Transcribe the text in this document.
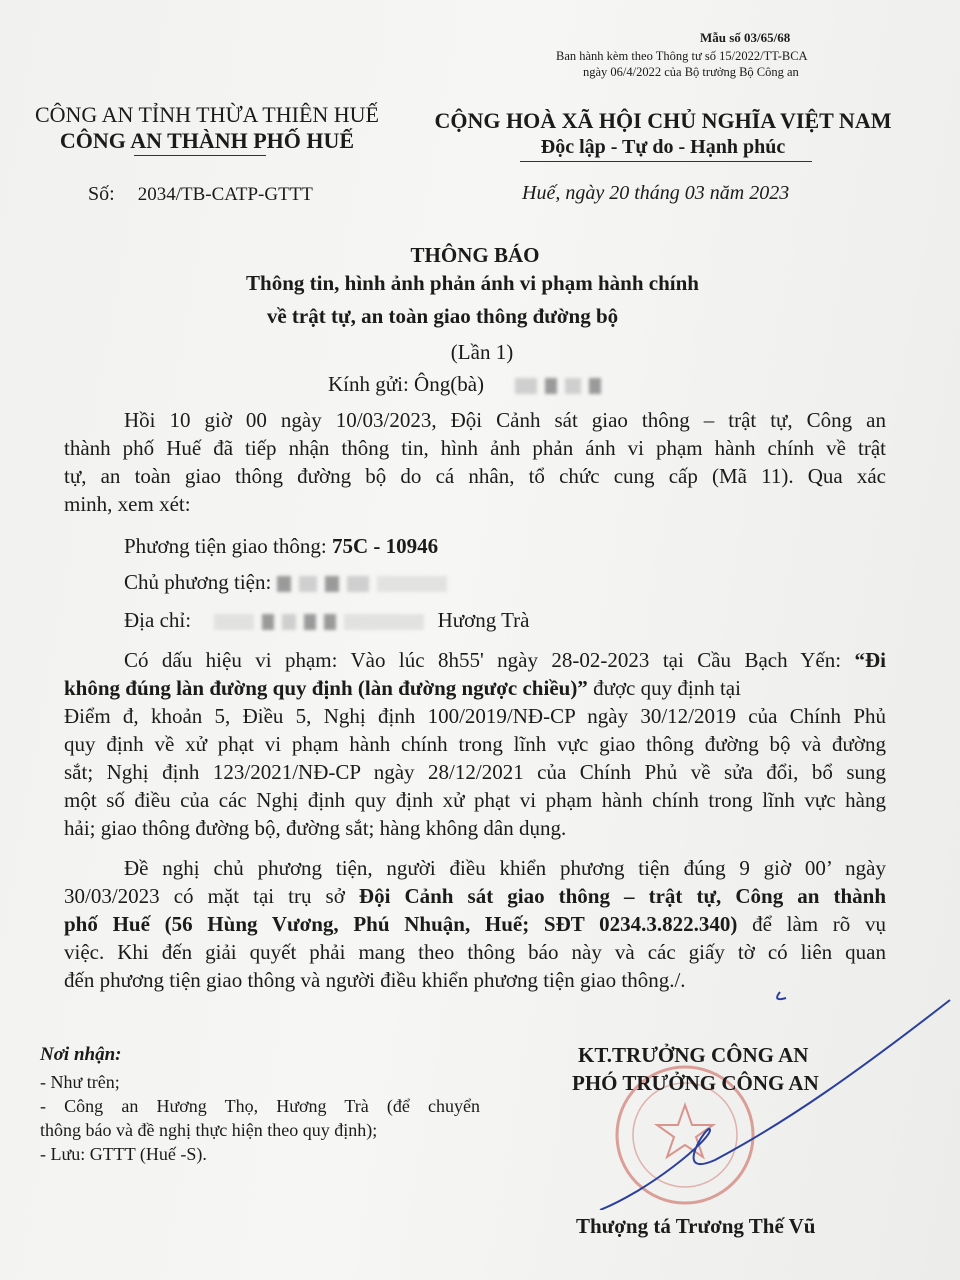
Mẫu số 03/65/68
Ban hành kèm theo Thông tư số 15/2022/TT-BCA
ngày 06/4/2022 của Bộ trưởng Bộ Công an
CÔNG AN TỈNH THỪA THIÊN HUẾ
CÔNG AN THÀNH PHỐ HUẾ
CỘNG HOÀ XÃ HỘI CHỦ NGHĨA VIỆT NAM
Độc lập - Tự do - Hạnh phúc
Số: 2034/TB-CATP-GTTT	Huế, ngày 20 tháng 03 năm 2023
THÔNG BÁO
Thông tin, hình ảnh phản ánh vi phạm hành chính
về trật tự, an toàn giao thông đường bộ
(Lần 1)
Kính gửi: Ông(bà)
Hồi 10 giờ 00 ngày 10/03/2023, Đội Cảnh sát giao thông – trật tự, Công an
thành phố Huế đã tiếp nhận thông tin, hình ảnh phản ánh vi phạm hành chính về trật
tự, an toàn giao thông đường bộ do cá nhân, tổ chức cung cấp (Mã 11). Qua xác
minh, xem xét:
Phương tiện giao thông: 75C - 10946
Chủ phương tiện:
Địa chỉ:	Hương Trà
Có dấu hiệu vi phạm: Vào lúc 8h55' ngày 28-02-2023 tại Cầu Bạch Yến: “Đi
không đúng làn đường quy định (làn đường ngược chiều)” được quy định tại
Điểm đ, khoản 5, Điều 5, Nghị định 100/2019/NĐ-CP ngày 30/12/2019 của Chính Phủ
quy định về xử phạt vi phạm hành chính trong lĩnh vực giao thông đường bộ và đường
sắt; Nghị định 123/2021/NĐ-CP ngày 28/12/2021 của Chính Phủ về sửa đổi, bổ sung
một số điều của các Nghị định quy định xử phạt vi phạm hành chính trong lĩnh vực hàng
hải; giao thông đường bộ, đường sắt; hàng không dân dụng.
Đề nghị chủ phương tiện, người điều khiển phương tiện đúng 9 giờ 00’ ngày
30/03/2023 có mặt tại trụ sở Đội Cảnh sát giao thông – trật tự, Công an thành
phố Huế (56 Hùng Vương, Phú Nhuận, Huế; SĐT 0234.3.822.340) để làm rõ vụ
việc. Khi đến giải quyết phải mang theo thông báo này và các giấy tờ có liên quan
đến phương tiện giao thông và người điều khiển phương tiện giao thông./.
Nơi nhận:
- Như trên;
- Công an Hương Thọ, Hương Trà (để chuyển
thông báo và đề nghị thực hiện theo quy định);
- Lưu: GTTT (Huế -S).
KT.TRƯỞNG CÔNG AN
PHÓ TRƯỞNG CÔNG AN
Thượng tá Trương Thế Vũ
